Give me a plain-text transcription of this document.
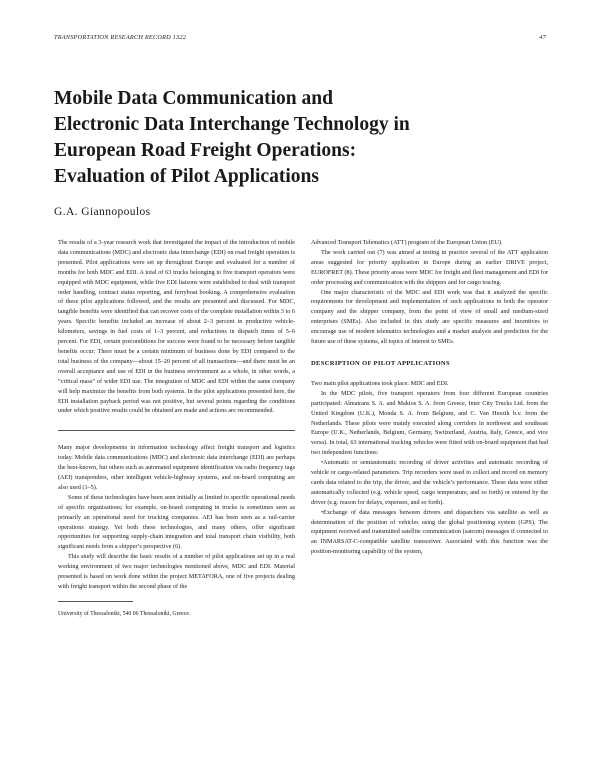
TRANSPORTATION RESEARCH RECORD 1322	47
Mobile Data Communication and
Electronic Data Interchange Technology in
European Road Freight Operations:
Evaluation of Pilot Applications
G.A. Giannopoulos

The results of a 3-year research work that investigated the impact of the introduction of mobile data communications (MDC) and electronic data interchange (EDI) on road freight operation is presented. Pilot applications were set up throughout Europe and evaluated for a number of months for both MDC and EDI. A total of 63 trucks belonging to five transport operators were equipped with MDC equipment, while five EDI liaisons were established to deal with transport order handling, contract status reporting, and ferryboat booking. A comprehensive evaluation of these pilot applications followed, and the results are presented and discussed. For MDC, tangible benefits were identified that can recover costs of the complete installation within 3 to 6 years. Specific benefits included an increase of about 2–3 percent in productive vehicle-kilometers, savings in fuel costs of 1–3 percent, and reductions in dispatch times of 5–6 percent. For EDI, certain preconditions for success were found to be necessary before tangible benefits occur: There must be a certain minimum of business done by EDI compared to the total business of the company—about 15–20 percent of all transactions—and there must be an overall acceptance and use of EDI in the business environment as a whole, in other words, a “critical mass” of wider EDI use. The integration of MDC and EDI within the same company will help maximize the benefits from both systems. In the pilot applications presented here, the EDI installation payback period was not positive, but several points regarding the conditions under which positive results could be obtained are made and actions are recommended.

Many major developments in information technology affect freight transport and logistics today. Mobile data communications (MDC) and electronic data interchange (EDI) are perhaps the best-known, but others such as automated equipment identification via radio frequency tags (AEI) transponders, other intelligent vehicle-highway systems, and on-board computing are also used (1–5).

Some of these technologies have been seen initially as limited to specific operational needs of specific organisations; for example, on-board computing in trucks is sometimes seen as primarily an operational need for trucking companies. AEI has been seen as a rail-carrier operations strategy. Yet both these technologies, and many others, offer significant opportunities for supporting supply-chain integration and total transport chain visibility, both significant needs from a shipper’s perspective (6).

This study will describe the basic results of a number of pilot applications set up in a real working environment of two major technologies mentioned above, MDC and EDI. Material presented is based on work done within the project METAFORA, one of five projects dealing with freight transport within the second phase of the

University of Thessaloniki, 540 06 Thessaloniki, Greece.

Advanced Transport Telematics (ATT) program of the European Union (EU).

The work carried out (7) was aimed at testing in practice several of the ATT application areas suggested for priority application in Europe during an earlier DRIVE project, EUROFRET (8). These priority areas were MDC for freight and fleet management and EDI for order processing and communication with the shippers and for cargo tracing.

One major characteristic of the MDC and EDI work was that it analyzed the specific requirements for development and implementation of such applications in both the operator company and the shipper company, from the point of view of small and medium-sized enterprises (SMEs). Also included in this study are specific measures and incentives to encourage use of modern telematics technologies and a market analysis and prediction for the future use of these systems, all topics of interest to SMEs.

DESCRIPTION OF PILOT APPLICATIONS

Two main pilot applications took place: MDC and EDI.

In the MDC pilots, five transport operators from four different European countries participated: Almatrans S. A. and Makios S. A. from Greece, Inter City Trucks Ltd. from the United Kingdom (U.K.), Monda S. A. from Belgium, and C. Van Heezik b.v. from the Netherlands. These pilots were mainly executed along corridors in northwest and southeast Europe (U.K., Netherlands, Belgium, Germany, Switzerland, Austria, Italy, Greece, and vice versa). In total, 63 international tracking vehicles were fitted with on-board equipment that had two independent functions:

• Automatic or semiautomatic recording of driver activities and automatic recording of vehicle or cargo-related parameters. Trip recorders were used to collect and record on memory cards data related to the trip, the driver, and the vehicle’s performance. These data were either automatically collected (e.g. vehicle speed, cargo temperature, and so forth) or entered by the driver (e.g. reason for delays, expenses, and so forth).

• Exchange of data messages between drivers and dispatchers via satellite as well as determination of the position of vehicles using the global positioning system (GPS). The equipment received and transmitted satellite communication (satcom) messages if connected to an INMARSAT-C-compatible satellite transceiver. Associated with this function was the position-monitoring capability of the system,
